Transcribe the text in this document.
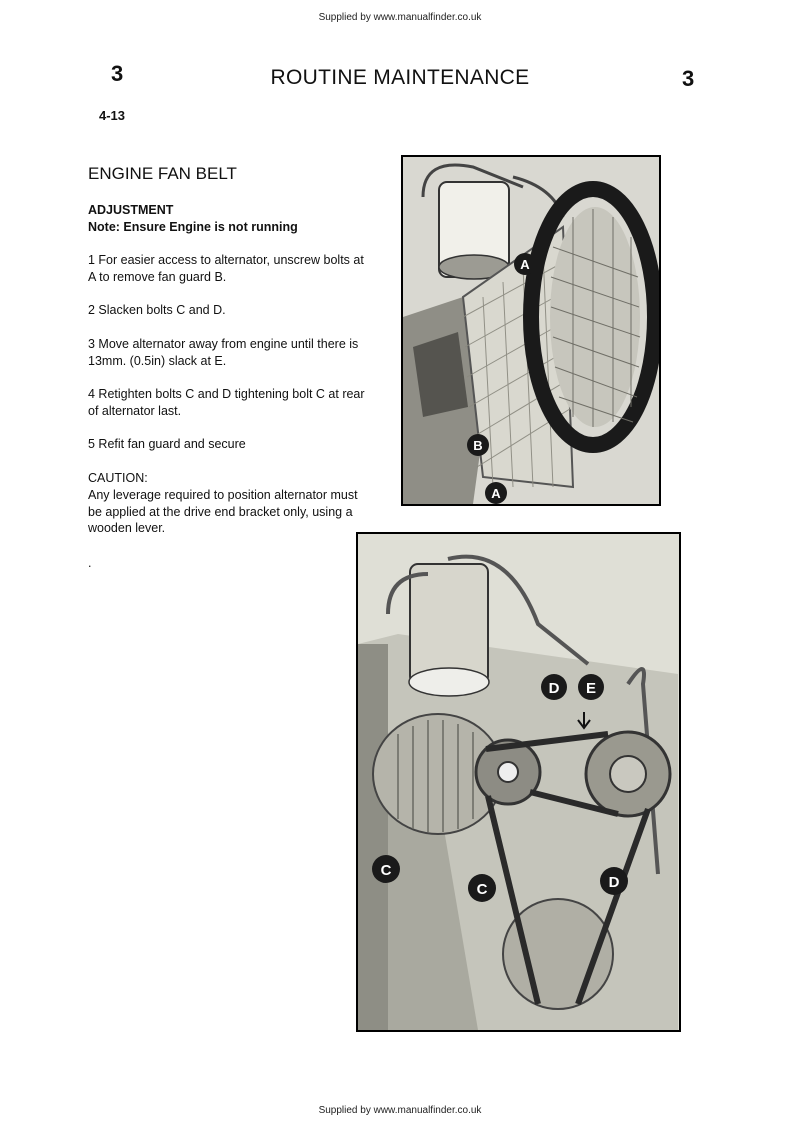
Supplied by www.manualfinder.co.uk
3	ROUTINE MAINTENANCE	3
4-13
ENGINE FAN BELT
ADJUSTMENT
Note: Ensure Engine is not running
1 For easier access to alternator, unscrew bolts at A to remove fan guard B.
2 Slacken bolts C and D.
3 Move alternator away from engine until there is 13mm. (0.5in) slack at E.
4 Retighten bolts C and D tightening bolt C at rear of alternator last.
5 Refit fan guard and secure
CAUTION:
Any leverage required to position alternator must be applied at the drive end bracket only, using a wooden lever.
.
A
B
A
D E
C
C	D
Supplied by www.manualfinder.co.uk
